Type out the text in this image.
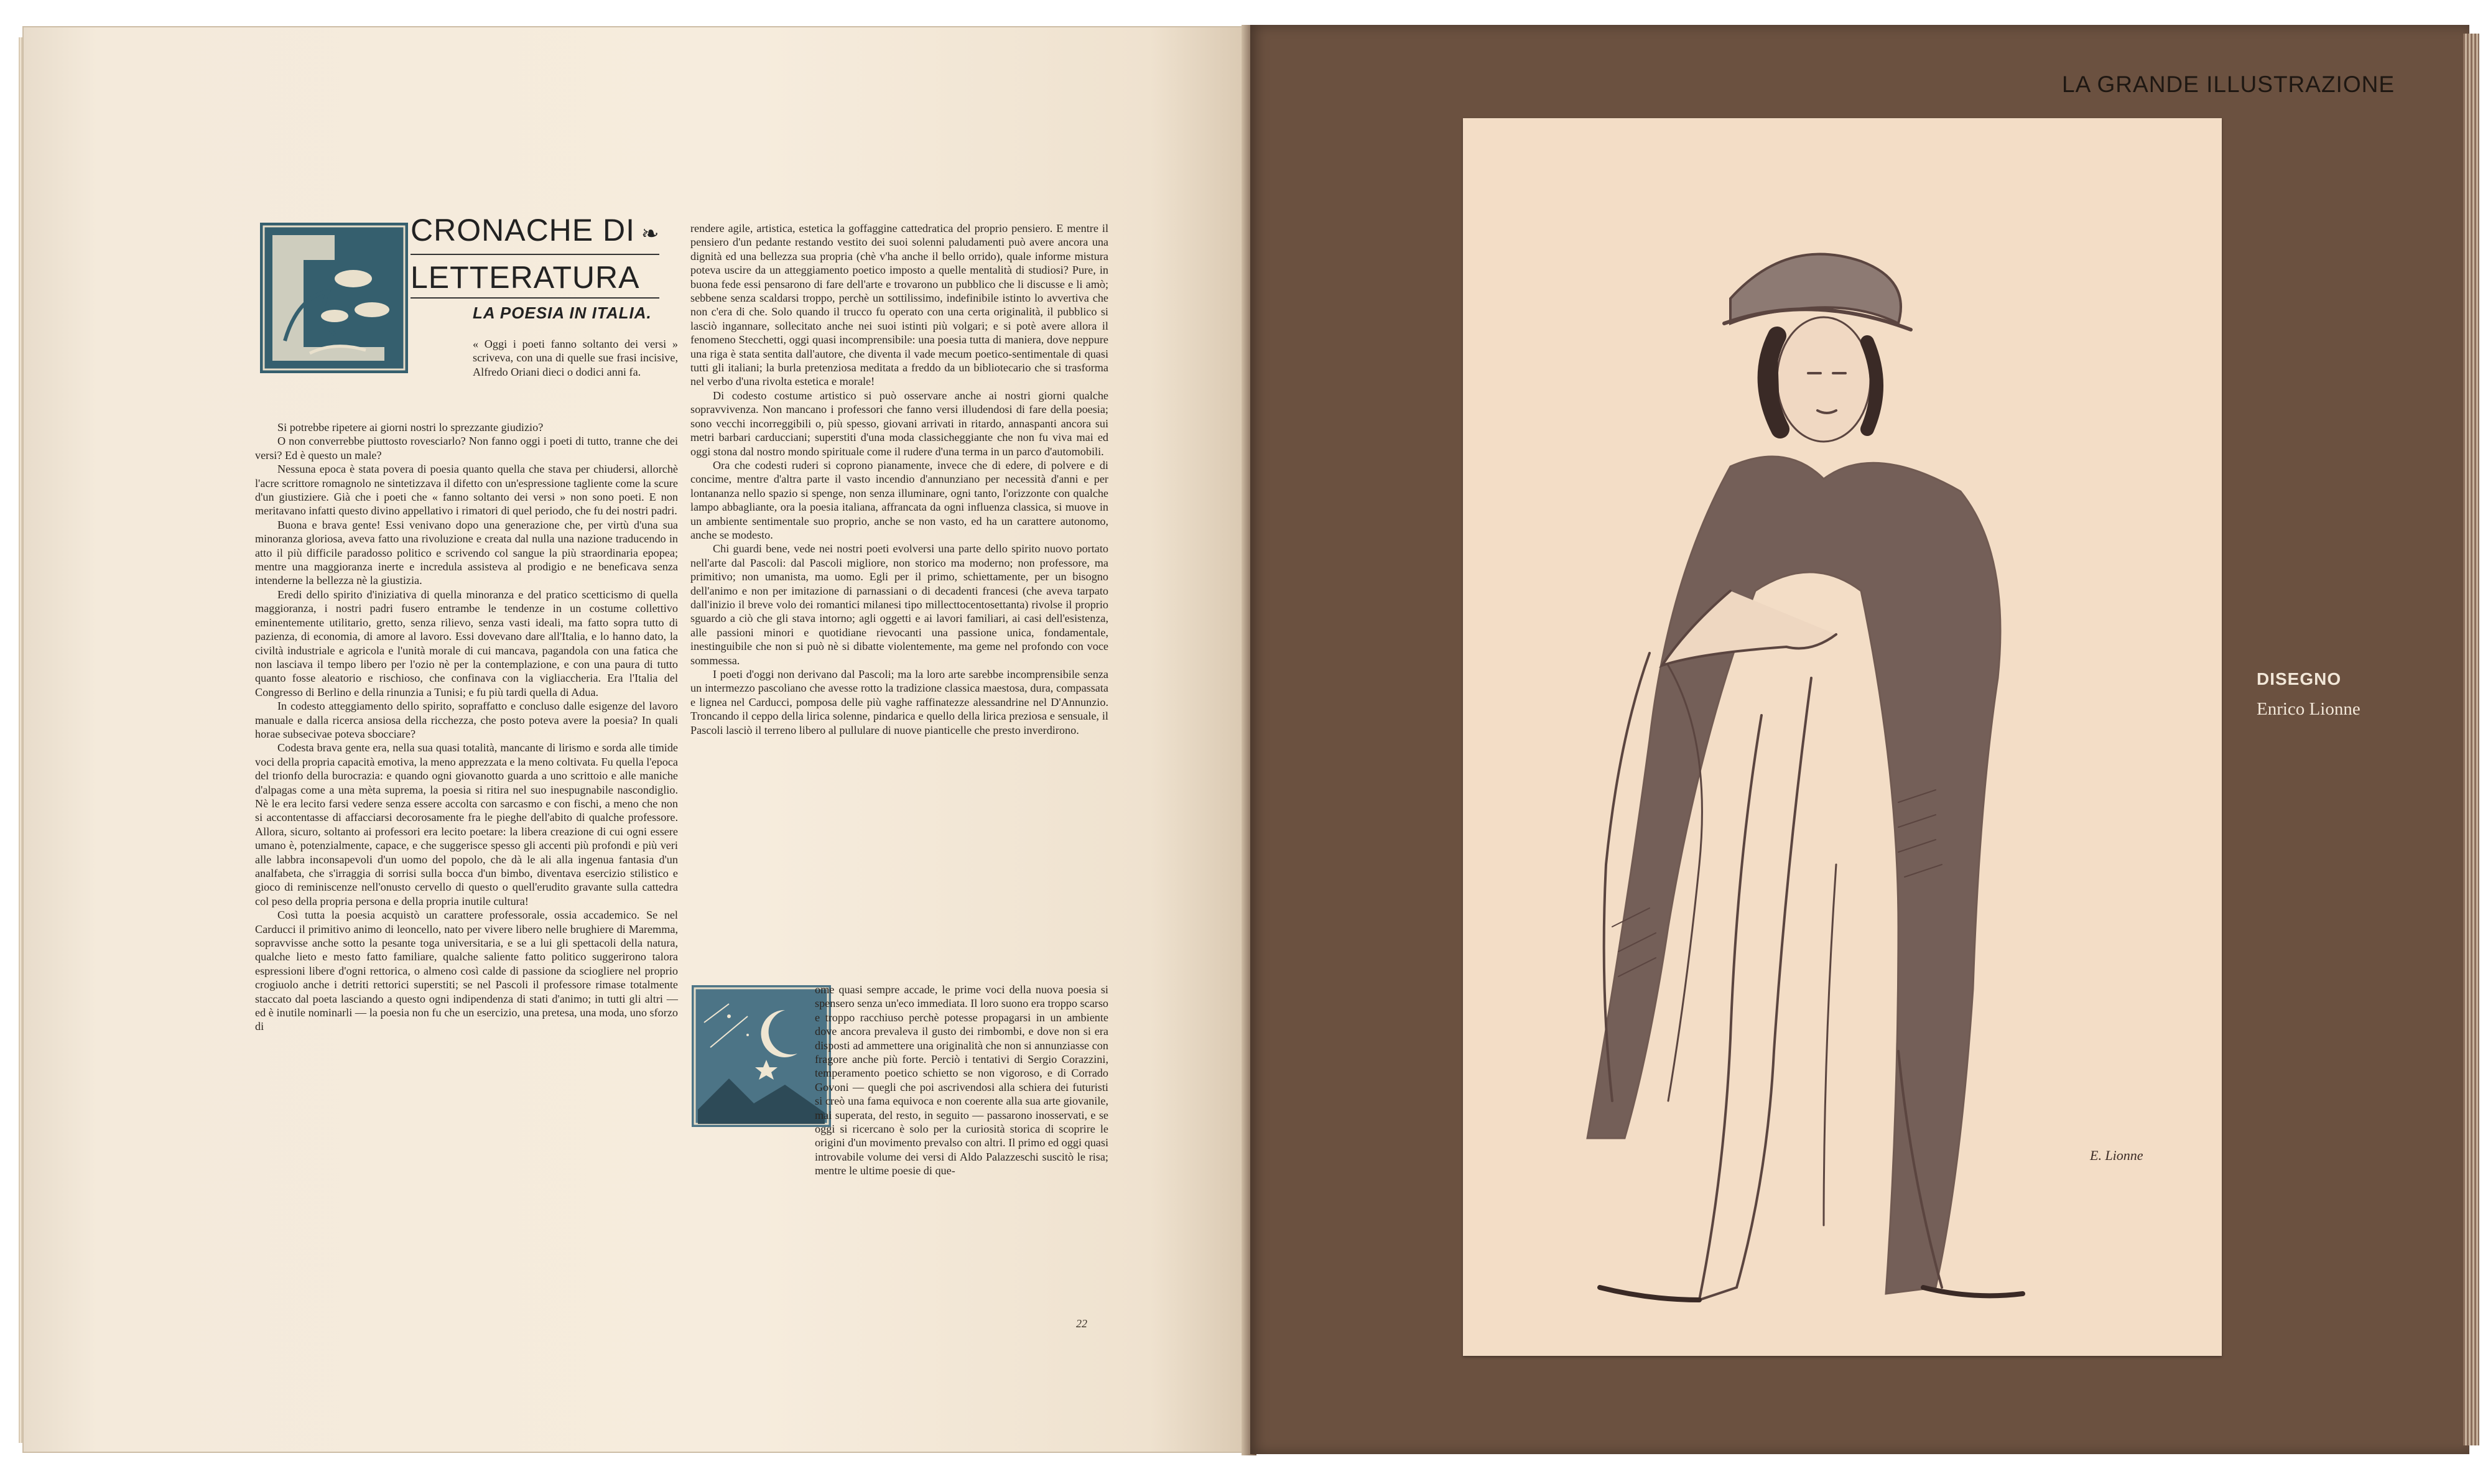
CRONACHE DI ❧
LETTERATURA
LA POESIA IN ITALIA.

« Oggi i poeti fanno soltanto dei versi » scriveva, con una di quelle sue frasi incisive, Alfredo Oriani dieci o dodici anni fa.

Si potrebbe ripetere ai giorni nostri lo sprezzante giudizio?

O non converrebbe piuttosto rovesciarlo? Non fanno oggi i poeti di tutto, tranne che dei versi? Ed è questo un male?

Nessuna epoca è stata povera di poesia quanto quella che stava per chiudersi, allorchè l'acre scrittore romagnolo ne sintetizzava il difetto con un'espressione tagliente come la scure d'un giustiziere. Già che i poeti che « fanno soltanto dei versi » non sono poeti. E non meritavano infatti questo divino appellativo i rimatori di quel periodo, che fu dei nostri padri.

Buona e brava gente! Essi venivano dopo una generazione che, per virtù d'una sua minoranza gloriosa, aveva fatto una rivoluzione e creata dal nulla una nazione traducendo in atto il più difficile paradosso politico e scrivendo col sangue la più straordinaria epopea; mentre una maggioranza inerte e incredula assisteva al prodigio e ne beneficava senza intenderne la bellezza nè la giustizia.

Eredi dello spirito d'iniziativa di quella minoranza e del pratico scetticismo di quella maggioranza, i nostri padri fusero entrambe le tendenze in un costume collettivo eminentemente utilitario, gretto, senza rilievo, senza vasti ideali, ma fatto sopra tutto di pazienza, di economia, di amore al lavoro. Essi dovevano dare all'Italia, e lo hanno dato, la civiltà industriale e agricola e l'unità morale di cui mancava, pagandola con una fatica che non lasciava il tempo libero per l'ozio nè per la contemplazione, e con una paura di tutto quanto fosse aleatorio e rischioso, che confinava con la vigliaccheria. Era l'Italia del Congresso di Berlino e della rinunzia a Tunisi; e fu più tardi quella di Adua.

In codesto atteggiamento dello spirito, sopraffatto e concluso dalle esigenze del lavoro manuale e dalla ricerca ansiosa della ricchezza, che posto poteva avere la poesia? In quali horae subsecivae poteva sbocciare?

Codesta brava gente era, nella sua quasi totalità, mancante di lirismo e sorda alle timide voci della propria capacità emotiva, la meno apprezzata e la meno coltivata. Fu quella l'epoca del trionfo della burocrazia: e quando ogni giovanotto guarda a uno scrittoio e alle maniche d'alpagas come a una mèta suprema, la poesia si ritira nel suo inespugnabile nascondiglio. Nè le era lecito farsi vedere senza essere accolta con sarcasmo e con fischi, a meno che non si accontentasse di affacciarsi decorosamente fra le pieghe dell'abito di qualche professore. Allora, sicuro, soltanto ai professori era lecito poetare: la libera creazione di cui ogni essere umano è, potenzialmente, capace, e che suggerisce spesso gli accenti più profondi e più veri alle labbra inconsapevoli d'un uomo del popolo, che dà le ali alla ingenua fantasia d'un analfabeta, che s'irraggia di sorrisi sulla bocca d'un bimbo, diventava esercizio stilistico e gioco di reminiscenze nell'onusto cervello di questo o quell'erudito gravante sulla cattedra col peso della propria persona e della propria inutile cultura!

Così tutta la poesia acquistò un carattere professorale, ossia accademico. Se nel Carducci il primitivo animo di leoncello, nato per vivere libero nelle brughiere di Maremma, sopravvisse anche sotto la pesante toga universitaria, e se a lui gli spettacoli della natura, qualche lieto e mesto fatto familiare, qualche saliente fatto politico suggerirono talora espressioni libere d'ogni rettorica, o almeno così calde di passione da sciogliere nel proprio crogiuolo anche i detriti rettorici superstiti; se nel Pascoli il professore rimase totalmente staccato dal poeta lasciando a questo ogni indipendenza di stati d'animo; in tutti gli altri — ed è inutile nominarli — la poesia non fu che un esercizio, una pretesa, una moda, uno sforzo di

rendere agile, artistica, estetica la goffaggine cattedratica del proprio pensiero. E mentre il pensiero d'un pedante restando vestito dei suoi solenni paludamenti può avere ancora una dignità ed una bellezza sua propria (chè v'ha anche il bello orrido), quale informe mistura poteva uscire da un atteggiamento poetico imposto a quelle mentalità di studiosi? Pure, in buona fede essi pensarono di fare dell'arte e trovarono un pubblico che li discusse e li amò; sebbene senza scaldarsi troppo, perchè un sottilissimo, indefinibile istinto lo avvertiva che non c'era di che. Solo quando il trucco fu operato con una certa originalità, il pubblico si lasciò ingannare, sollecitato anche nei suoi istinti più volgari; e si potè avere allora il fenomeno Stecchetti, oggi quasi incomprensibile: una poesia tutta di maniera, dove neppure una riga è stata sentita dall'autore, che diventa il vade mecum poetico-sentimentale di quasi tutti gli italiani; la burla pretenziosa meditata a freddo da un bibliotecario che si trasforma nel verbo d'una rivolta estetica e morale!

Di codesto costume artistico si può osservare anche ai nostri giorni qualche sopravvivenza. Non mancano i professori che fanno versi illudendosi di fare della poesia; sono vecchi incorreggibili o, più spesso, giovani arrivati in ritardo, annaspanti ancora sui metri barbari carducciani; superstiti d'una moda classicheggiante che non fu viva mai ed oggi stona dal nostro mondo spirituale come il rudere d'una terma in un parco d'automobili.

Ora che codesti ruderi si coprono pianamente, invece che di edere, di polvere e di concime, mentre d'altra parte il vasto incendio d'annunziano per necessità d'anni e per lontananza nello spazio si spenge, non senza illuminare, ogni tanto, l'orizzonte con qualche lampo abbagliante, ora la poesia italiana, affrancata da ogni influenza classica, si muove in un ambiente sentimentale suo proprio, anche se non vasto, ed ha un carattere autonomo, anche se modesto.

Chi guardi bene, vede nei nostri poeti evolversi una parte dello spirito nuovo portato nell'arte dal Pascoli: dal Pascoli migliore, non storico ma moderno; non professore, ma primitivo; non umanista, ma uomo. Egli per il primo, schiettamente, per un bisogno dell'animo e non per imitazione di parnassiani o di decadenti francesi (che aveva tarpato dall'inizio il breve volo dei romantici milanesi tipo millecttocentosettanta) rivolse il proprio sguardo a ciò che gli stava intorno; agli oggetti e ai lavori familiari, ai casi dell'esistenza, alle passioni minori e quotidiane rievocanti una passione unica, fondamentale, inestinguibile che non si può nè si dibatte violentemente, ma geme nel profondo con voce sommessa.

I poeti d'oggi non derivano dal Pascoli; ma la loro arte sarebbe incomprensibile senza un intermezzo pascoliano che avesse rotto la tradizione classica maestosa, dura, compassata e lignea nel Carducci, pomposa delle più vaghe raffinatezze alessandrine nel D'Annunzio. Troncando il ceppo della lirica solenne, pindarica e quello della lirica preziosa e sensuale, il Pascoli lasciò il terreno libero al pullulare di nuove pianticelle che presto inverdirono.

ome quasi sempre accade, le prime voci della nuova poesia si spensero senza un'eco immediata. Il loro suono era troppo scarso e troppo racchiuso perchè potesse propagarsi in un ambiente dove ancora prevaleva il gusto dei rimbombi, e dove non si era disposti ad ammettere una originalità che non si annunziasse con fragore anche più forte. Perciò i tentativi di Sergio Corazzini, temperamento poetico schietto se non vigoroso, e di Corrado Govoni — quegli che poi ascrivendosi alla schiera dei futuristi si creò una fama equivoca e non coerente alla sua arte giovanile, mai superata, del resto, in seguito — passarono inosservati, e se oggi si ricercano è solo per la curiosità storica di scoprire le origini d'un movimento prevalso con altri. Il primo ed oggi quasi introvabile volume dei versi di Aldo Palazzeschi suscitò le risa; mentre le ultime poesie di que-

22
LA GRANDE ILLUSTRAZIONE
E. Lionne
DISEGNO
Enrico Lionne
